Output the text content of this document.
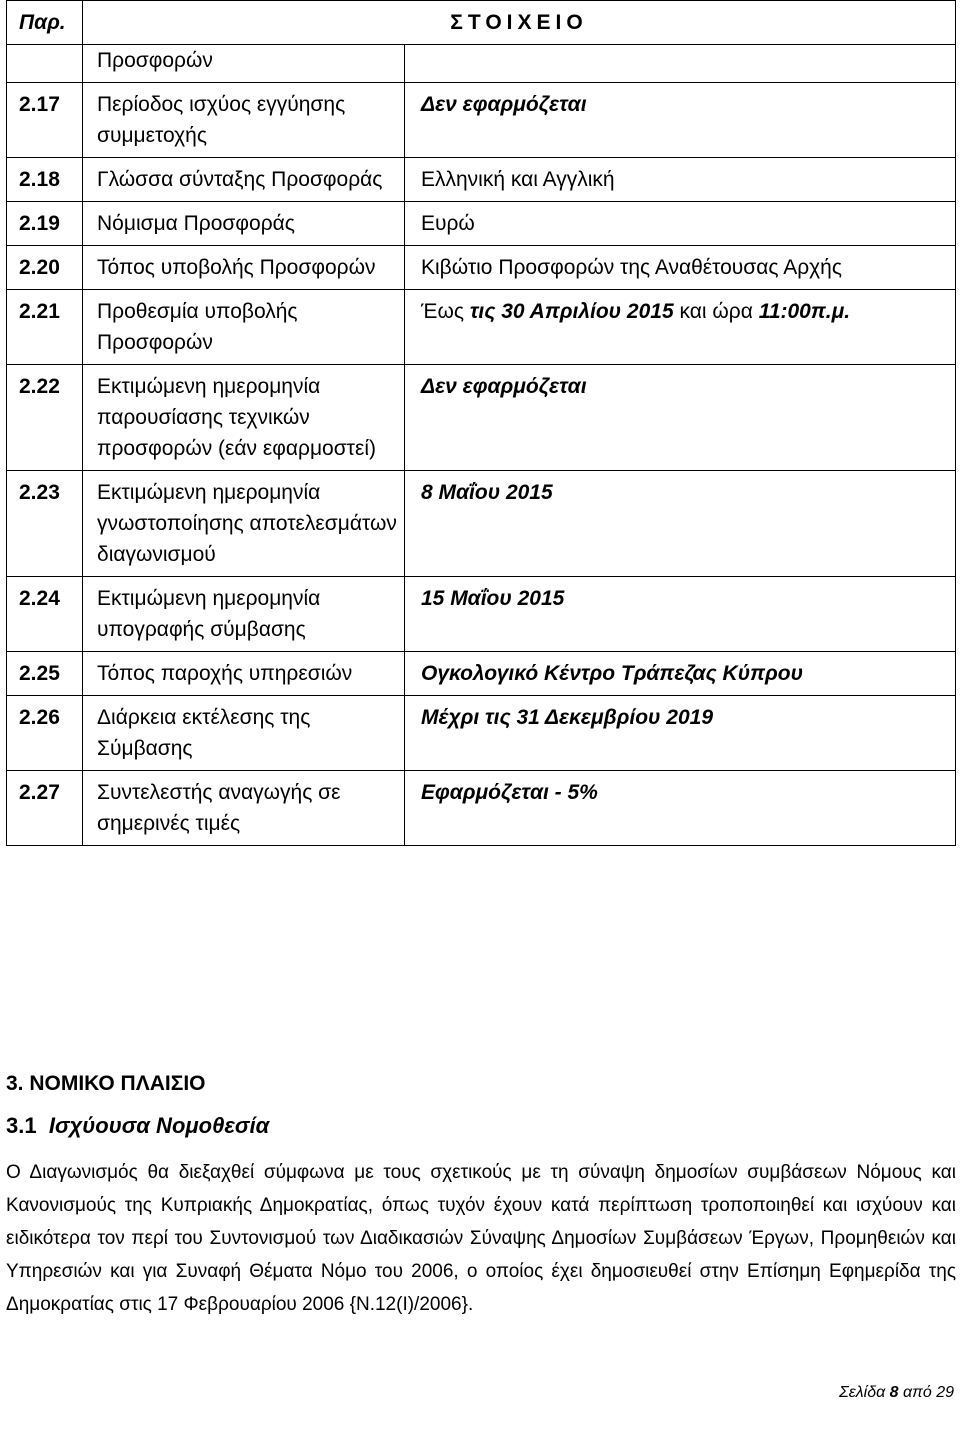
Παρ.	ΣΤΟΙΧΕΙΟ	
	Προσφορών	
2.17	Περίοδος ισχύος εγγύησης συμμετοχής	Δεν εφαρμόζεται
2.18	Γλώσσα σύνταξης Προσφοράς	Ελληνική και Αγγλική
2.19	Νόμισμα Προσφοράς	Ευρώ
2.20	Τόπος υποβολής Προσφορών	Κιβώτιο Προσφορών της Αναθέτουσας Αρχής
2.21	Προθεσμία υποβολής Προσφορών	Έως τις 30 Απριλίου 2015 και ώρα 11:00π.μ.
2.22	Εκτιμώμενη ημερομηνία παρουσίασης τεχνικών προσφορών (εάν εφαρμοστεί)	Δεν εφαρμόζεται
2.23	Εκτιμώμενη ημερομηνία γνωστοποίησης αποτελεσμάτων διαγωνισμού	8 Μαΐου 2015
2.24	Εκτιμώμενη ημερομηνία υπογραφής σύμβασης	15 Μαΐου 2015
2.25	Τόπος παροχής υπηρεσιών	Ογκολογικό Κέντρο Τράπεζας Κύπρου
2.26	Διάρκεια εκτέλεσης της Σύμβασης	Μέχρι τις 31 Δεκεμβρίου 2019
2.27	Συντελεστής αναγωγής σε σημερινές τιμές	Εφαρμόζεται - 5%
3. ΝΟΜΙΚΟ ΠΛΑΙΣΙΟ
3.1 Ισχύουσα Νομοθεσία
Ο Διαγωνισμός θα διεξαχθεί σύμφωνα με τους σχετικούς με τη σύναψη δημοσίων συμβάσεων Νόμους και Κανονισμούς της Κυπριακής Δημοκρατίας, όπως τυχόν έχουν κατά περίπτωση τροποποιηθεί και ισχύουν και ειδικότερα τον περί του Συντονισμού των Διαδικασιών Σύναψης Δημοσίων Συμβάσεων Έργων, Προμηθειών και Υπηρεσιών και για Συναφή Θέματα Νόμο του 2006, ο οποίος έχει δημοσιευθεί στην Επίσημη Εφημερίδα της Δημοκρατίας στις 17 Φεβρουαρίου 2006 {Ν.12(Ι)/2006}.
Σελίδα 8 από 29
